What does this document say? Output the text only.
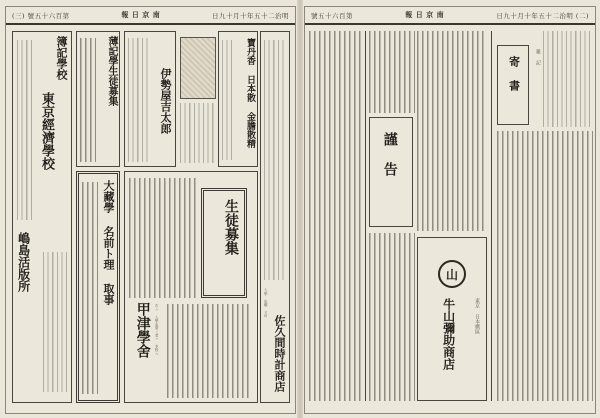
(三) 號五十六百第	報 日 京 南	日九十月十年五十二治明
簿記學校
東京經濟學校
嶋島活版所
薄記學生徒募集
大藏學 名前ト理 取事
伊勢屋吉太郎	寶丹香 日本散 金膽散精
生徒募集
甲津學舍 右ハ 入學志望ノ者ハ 本校ヘ	佐久間時計商店
入學 出願 ス可
號五十六百第	報 日 京 南	日九十月十年五十二治明 (二)
謹 告
山
東京 日本橋區
牛山彌助商店
寄 書	雑 記
